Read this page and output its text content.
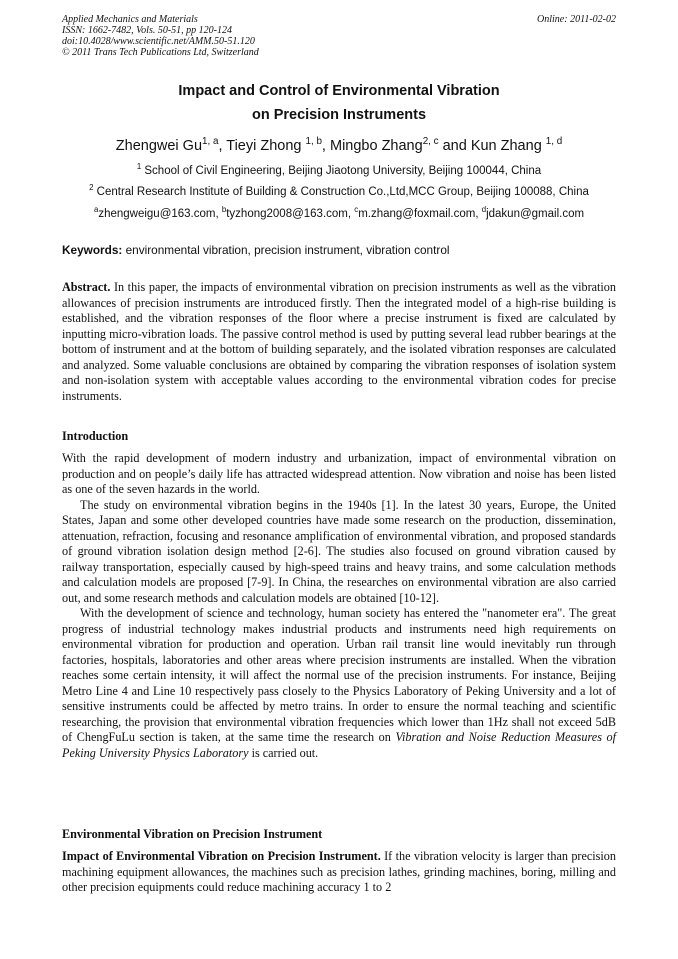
Applied Mechanics and Materials
ISSN: 1662-7482, Vols. 50-51, pp 120-124
doi:10.4028/www.scientific.net/AMM.50-51.120
© 2011 Trans Tech Publications Ltd, Switzerland
Online: 2011-02-02
Impact and Control of Environmental Vibration
on Precision Instruments
Zhengwei Gu$^{1, a}$, Tieyi Zhong $^{1, b}$, Mingbo Zhang$^{2, c}$ and Kun Zhang $^{1, d}$
$^1$ School of Civil Engineering, Beijing Jiaotong University, Beijing 100044, China
$^2$ Central Research Institute of Building & Construction Co.,Ltd,MCC Group, Beijing 100088, China
$^a$zhengweigu@163.com, $^b$tyzhong2008@163.com, $^c$m.zhang@foxmail.com, $^d$jdakun@gmail.com
Keywords: environmental vibration, precision instrument, vibration control

Abstract. In this paper, the impacts of environmental vibration on precision instruments as well as the vibration allowances of precision instruments are introduced firstly. Then the integrated model of a high-rise building is established, and the vibration responses of the floor where a precise instrument is fixed are calculated by inputting micro-vibration loads. The passive control method is used by putting several lead rubber bearings at the bottom of instrument and at the bottom of building separately, and the isolated vibration responses are calculated and analyzed. Some valuable conclusions are obtained by comparing the vibration responses of isolation system and non-isolation system with acceptable values according to the environmental vibration codes for precise instruments.

Introduction

With the rapid development of modern industry and urbanization, impact of environmental vibration on production and on people’s daily life has attracted widespread attention. Now vibration and noise has been listed as one of the seven hazards in the world.

The study on environmental vibration begins in the 1940s [1]. In the latest 30 years, Europe, the United States, Japan and some other developed countries have made some research on the production, dissemination, attenuation, refraction, focusing and resonance amplification of environmental vibration, and proposed standards of ground vibration isolation design method [2-6]. The studies also focused on ground vibration caused by railway transportation, especially caused by high-speed trains and heavy trains, and some calculation methods and calculation models are proposed [7-9]. In China, the researches on environmental vibration are also carried out, and some research methods and calculation models are obtained [10-12].

With the development of science and technology, human society has entered the "nanometer era". The great progress of industrial technology makes industrial products and instruments need high requirements on environmental vibration for production and operation. Urban rail transit line would inevitably run through factories, hospitals, laboratories and other areas where precision instruments are installed. When the vibration reaches some certain intensity, it will affect the normal use of the precision instruments. For instance, Beijing Metro Line 4 and Line 10 respectively pass closely to the Physics Laboratory of Peking University and a lot of sensitive instruments could be affected by metro trains. In order to ensure the normal teaching and scientific researching, the provision that environmental vibration frequencies which lower than 1Hz shall not exceed 5dB of ChengFuLu section is taken, at the same time the research on Vibration and Noise Reduction Measures of Peking University Physics Laboratory is carried out.

Environmental Vibration on Precision Instrument

Impact of Environmental Vibration on Precision Instrument. If the vibration velocity is larger than precision machining equipment allowances, the machines such as precision lathes, grinding machines, boring, milling and other precision equipments could reduce machining accuracy 1 to 2
